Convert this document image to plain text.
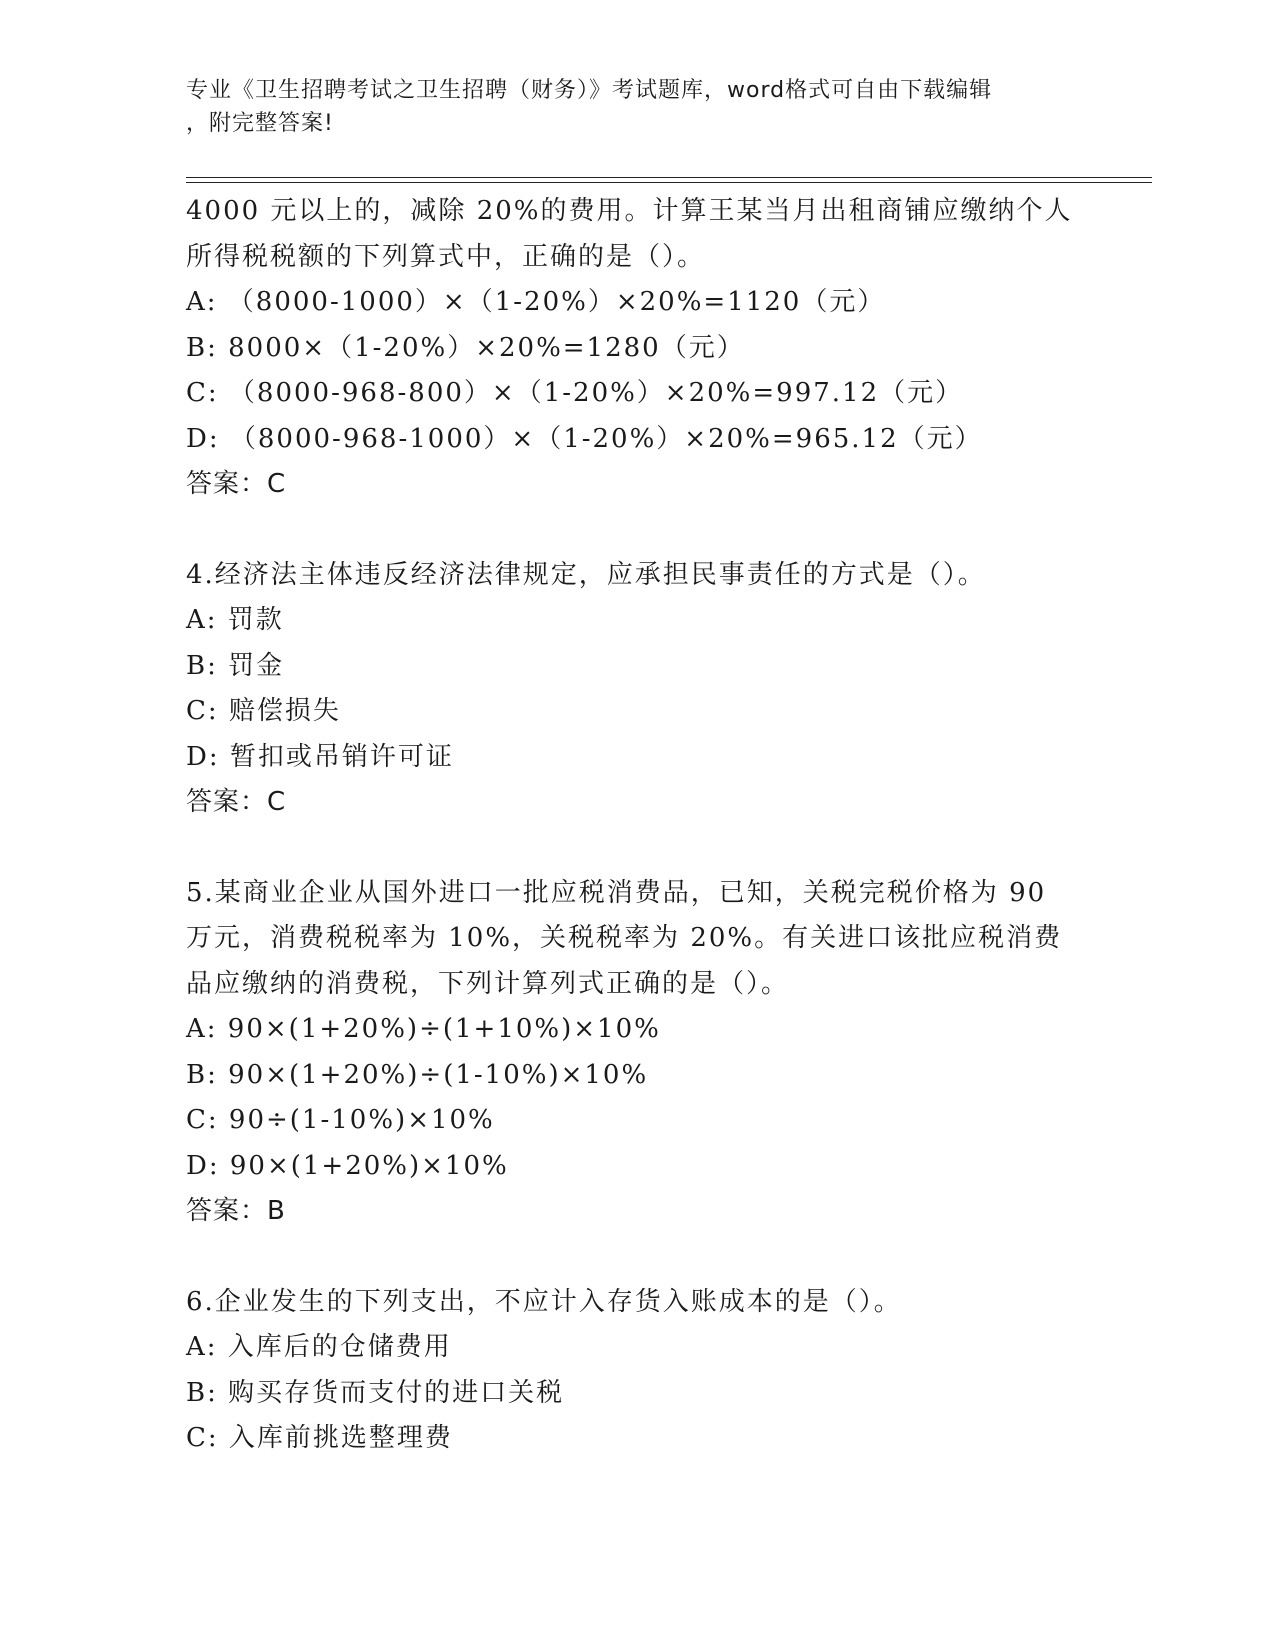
专业《卫生招聘考试之卫生招聘（财务）》考试题库，word格式可自由下载编辑
，附完整答案!
4000 元以上的，减除 20%的费用。计算王某当月出租商铺应缴纳个人
所得税税额的下列算式中，正确的是（）。
A: （8000-1000）×（1-20%）×20%=1120（元）
B: 8000×（1-20%）×20%=1280（元）
C: （8000-968-800）×（1-20%）×20%=997.12（元）
D: （8000-968-1000）×（1-20%）×20%=965.12（元）
答案：C
4.经济法主体违反经济法律规定，应承担民事责任的方式是（）。
A: 罚款
B: 罚金
C: 赔偿损失
D: 暂扣或吊销许可证
答案：C
5.某商业企业从国外进口一批应税消费品，已知，关税完税价格为 90
万元，消费税税率为 10%，关税税率为 20%。有关进口该批应税消费
品应缴纳的消费税，下列计算列式正确的是（）。
A: 90×(1+20%)÷(1+10%)×10%
B: 90×(1+20%)÷(1-10%)×10%
C: 90÷(1-10%)×10%
D: 90×(1+20%)×10%
答案：B
6.企业发生的下列支出，不应计入存货入账成本的是（）。
A: 入库后的仓储费用
B: 购买存货而支付的进口关税
C: 入库前挑选整理费
